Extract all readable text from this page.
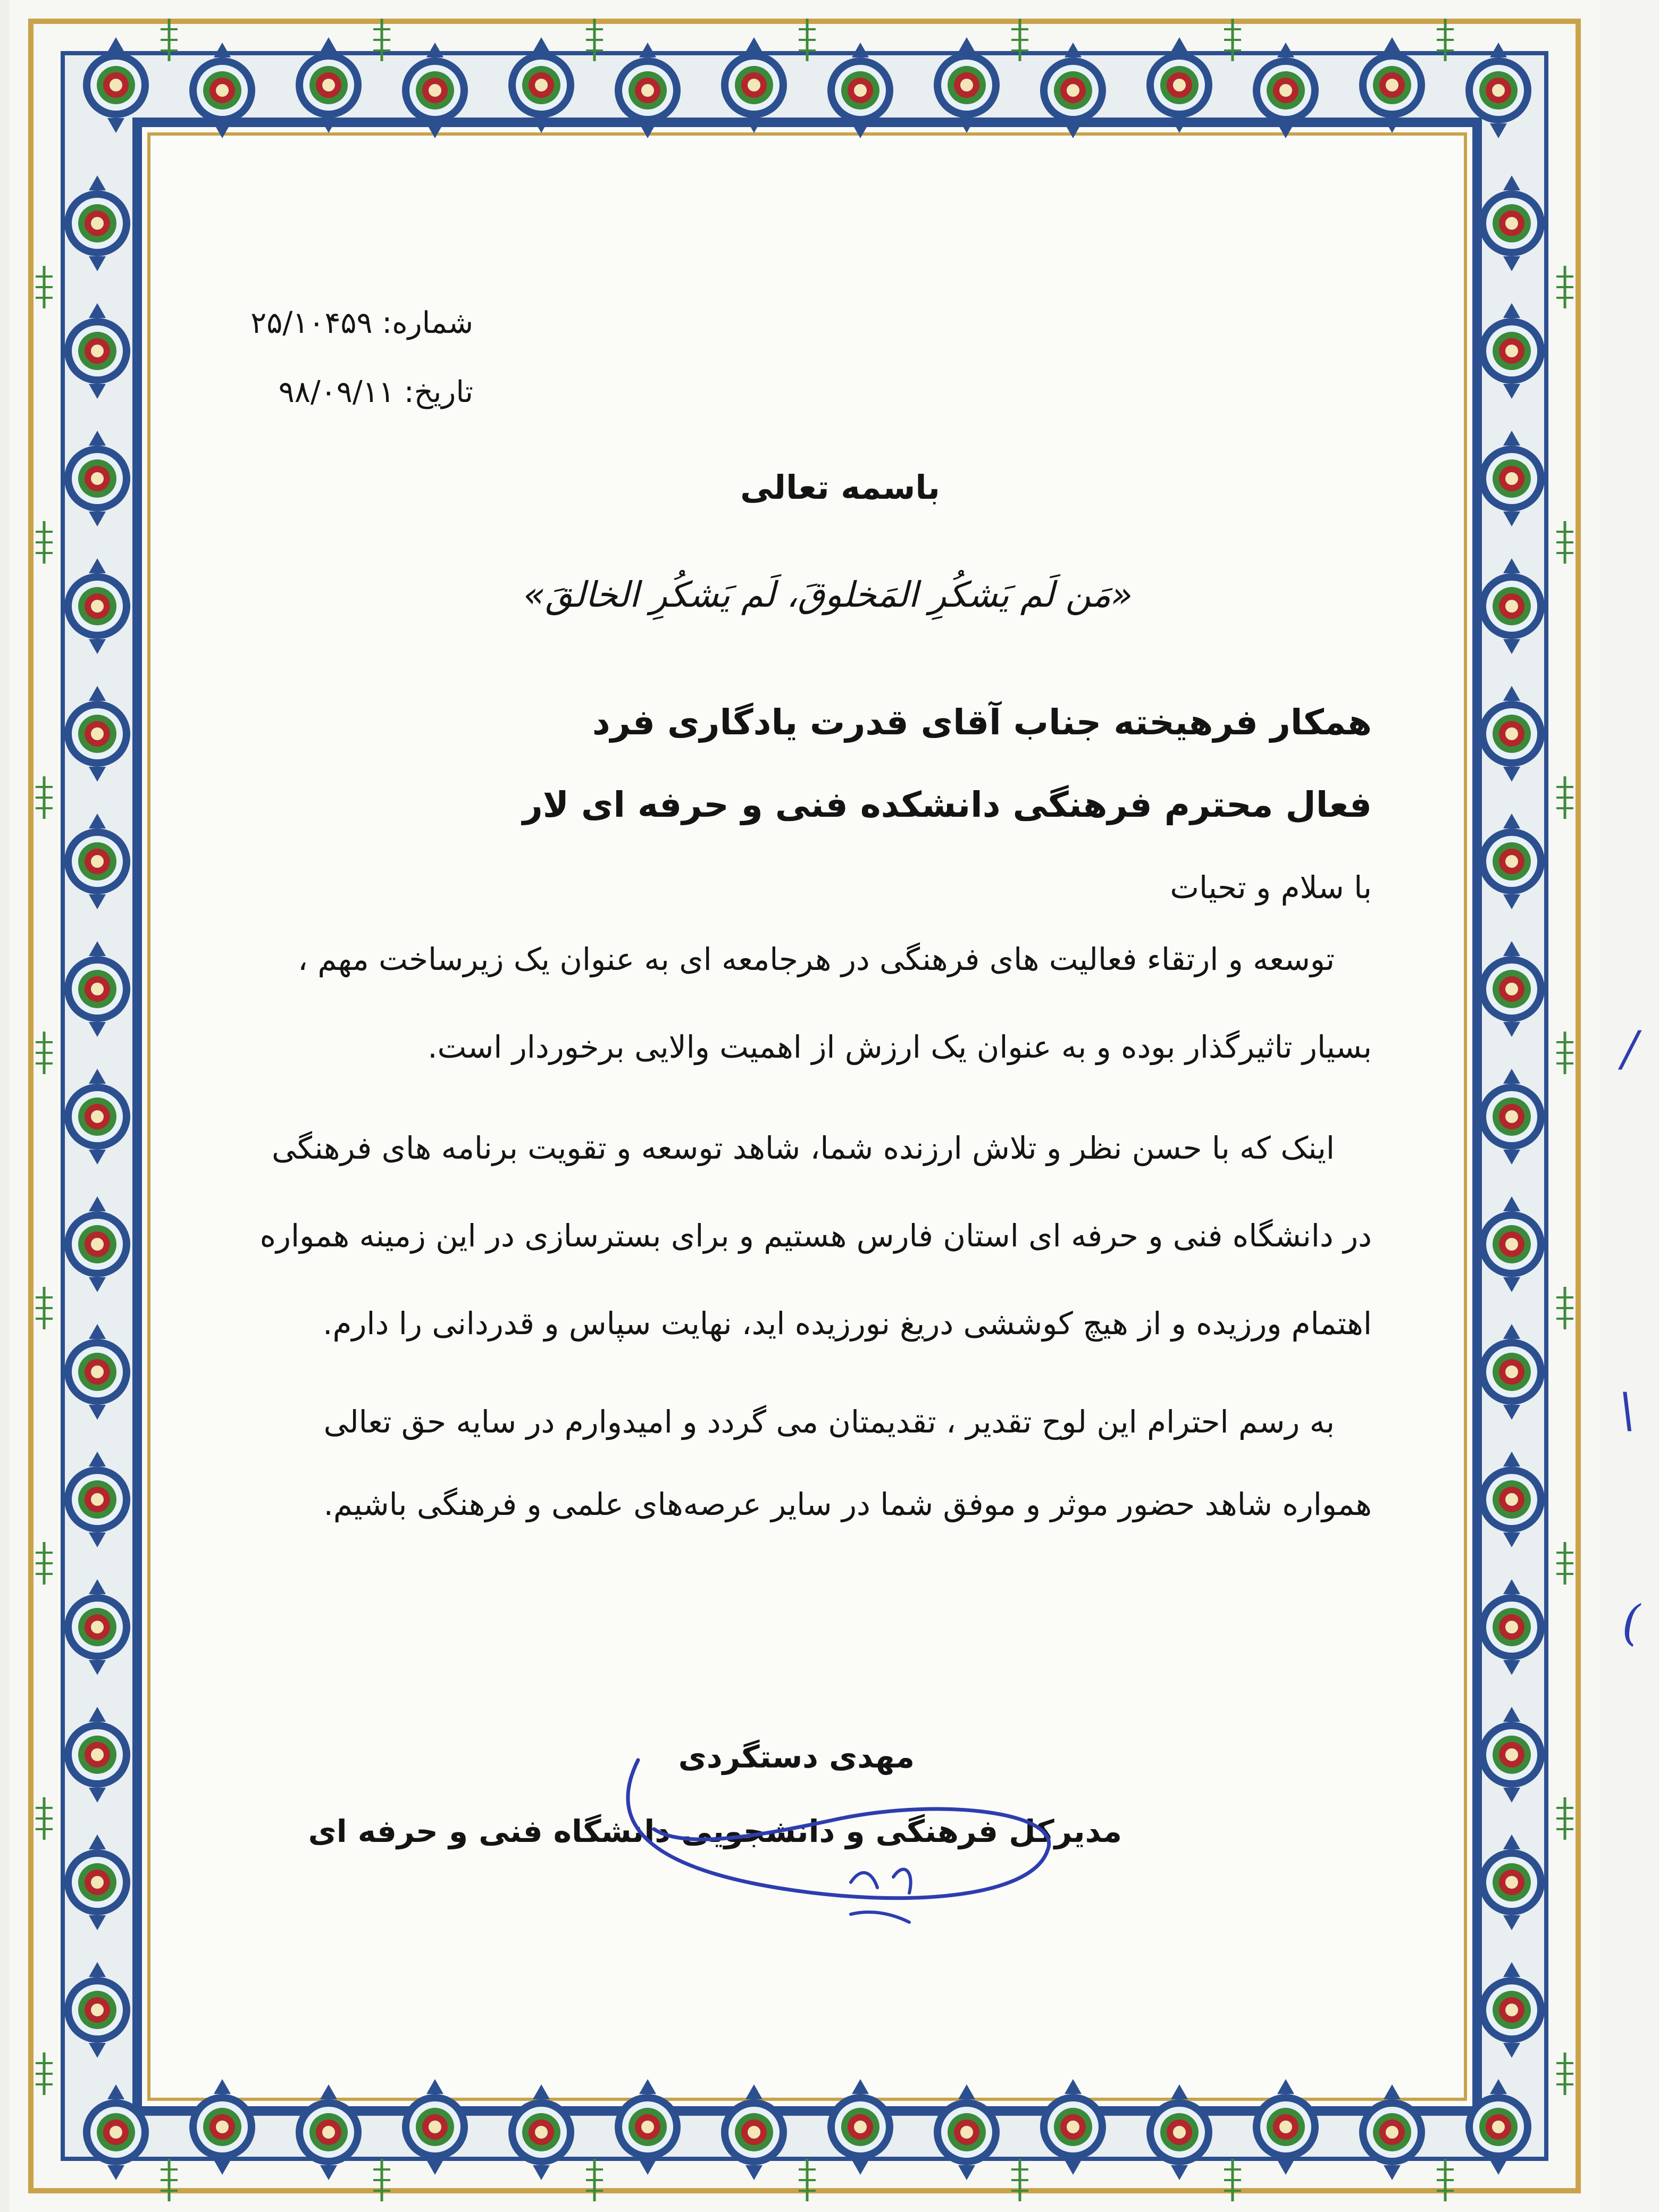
/
\
(
شماره: ۲۵/۱۰۴۵۹
تاریخ: ۹۸/۰۹/۱۱
باسمه تعالی
«مَن لَم یَشکُرِ المَخلوقَ، لَم یَشکُرِ الخالقَ»
همکار فرهیخته جناب آقای قدرت یادگاری فرد
فعال محترم فرهنگی دانشکده فنی و حرفه ای لار
با سلام و تحیات
توسعه و ارتقاء فعالیت های فرهنگی در هرجامعه ای به عنوان یک زیرساخت مهم ،
بسیار تاثیرگذار بوده و به عنوان یک ارزش از اهمیت والایی برخوردار است.
اینک که با حسن نظر و تلاش ارزنده شما، شاهد توسعه و تقویت برنامه های فرهنگی
در دانشگاه فنی و حرفه ای استان فارس هستیم و برای بسترسازی در این زمینه همواره
اهتمام ورزیده و از هیچ کوششی دریغ نورزیده اید، نهایت سپاس و قدردانی را دارم.
به رسم احترام این لوح تقدیر ، تقدیمتان می گردد و امیدوارم در سایه حق تعالی
همواره شاهد حضور موثر و موفق شما در سایر عرصه‌های علمی و فرهنگی باشیم.
مهدی دستگردی
مدیرکل فرهنگی و دانشجویی دانشگاه فنی و حرفه ای
